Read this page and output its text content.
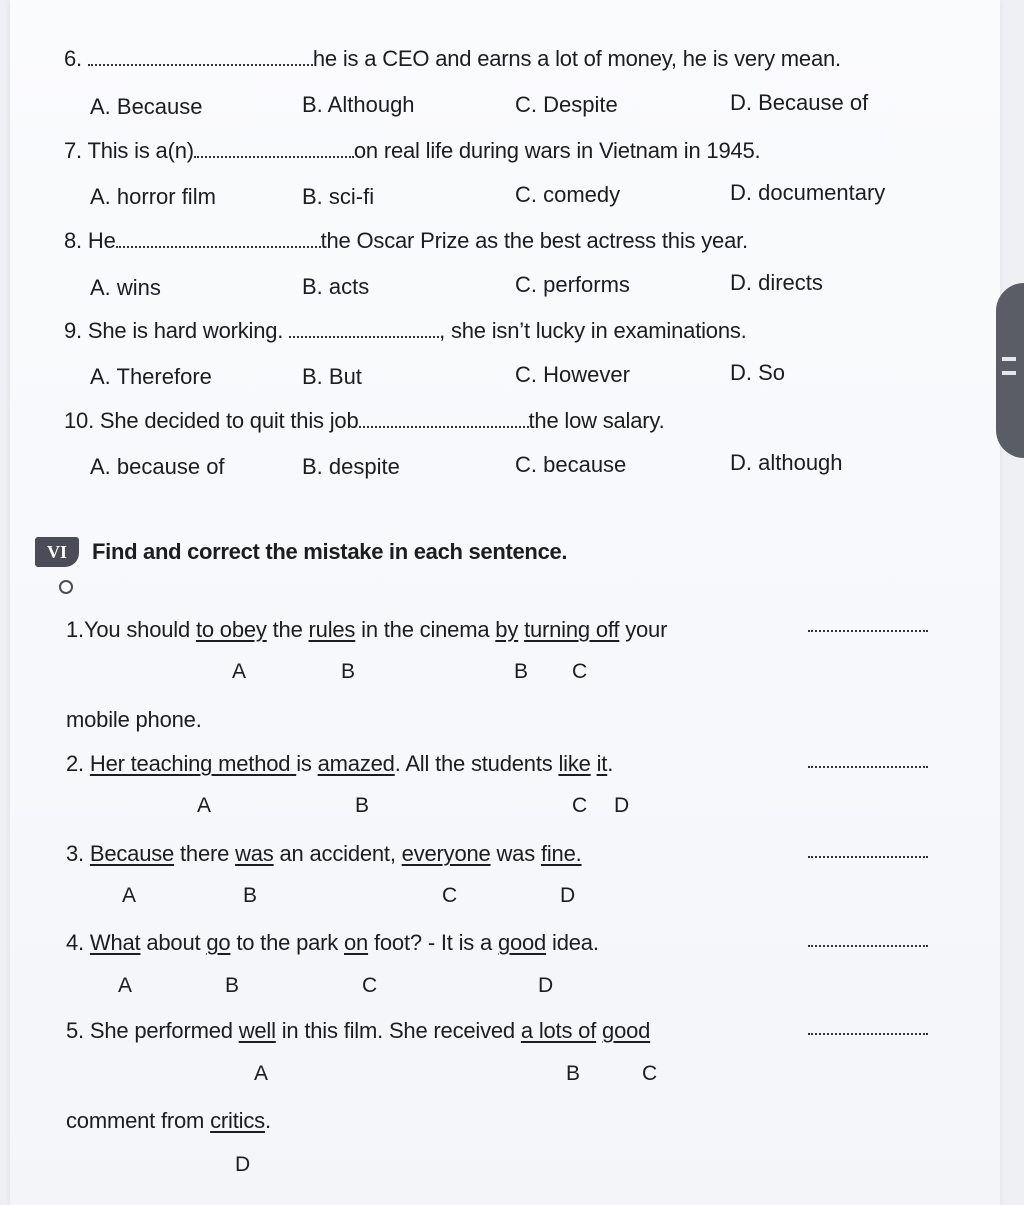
6.	he is a CEO and earns a lot of money, he is very mean.
A. Because	B. Although	C. Despite	D. Because of
7. This is a(n)	on real life during wars in Vietnam in 1945.
A. horror film	B. sci-fi	C. comedy	D. documentary
8. He	the Oscar Prize as the best actress this year.
A. wins	B. acts	C. performs	D. directs
9. She is hard working.	, she isn’t lucky in examinations.
A. Therefore	B. But	C. However	D. So
10. She decided to quit this job	the low salary.
A. because of	B. despite	C. because	D. although
VI	Find and correct the mistake in each sentence.
1.You should to obey the rules in the cinema by turning off your
A	B	B C
mobile phone.
2. Her teaching method is amazed. All the students like it.
A	B	C D
3. Because there was an accident, everyone was fine.
A	B	C	D
4. What about go to the park on foot? - It is a good idea.
A	B	C	D
5. She performed well in this film. She received a lots of good
A	B	C
comment from critics.
D
